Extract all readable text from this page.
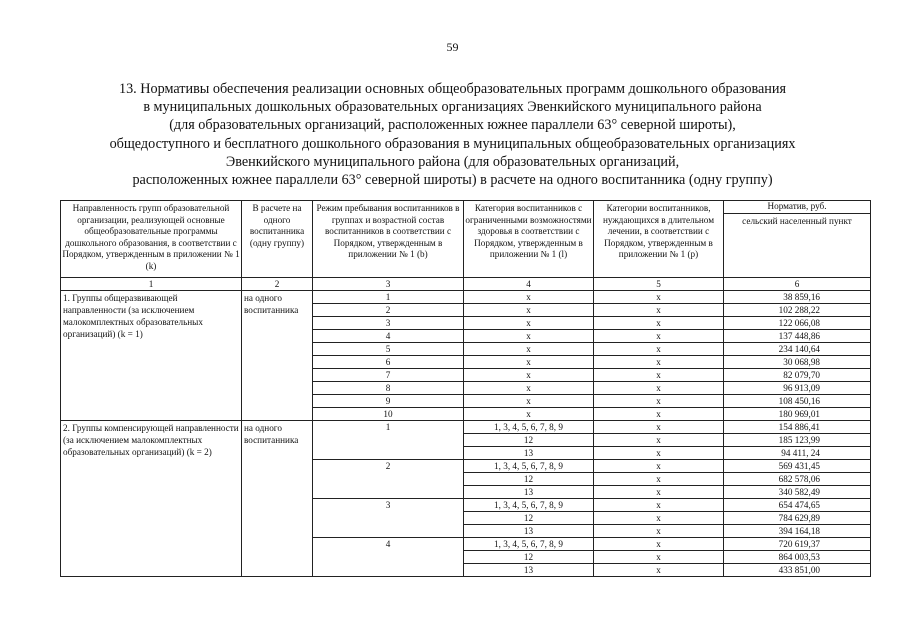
59
13. Нормативы обеспечения реализации основных общеобразовательных программ дошкольного образования
в муниципальных дошкольных образовательных организациях Эвенкийского муниципального района
(для образовательных организаций, расположенных южнее параллели 63° северной широты),
общедоступного и бесплатного дошкольного образования в муниципальных общеобразовательных организациях
Эвенкийского муниципального района (для образовательных организаций,
расположенных южнее параллели 63° северной широты) в расчете на одного воспитанника (одну группу)
Направленность групп образовательной организации, реализующей основные общеобразовательные программы дошкольного образования, в соответствии с Порядком, утвержденным в приложении № 1 (k)	В расчете на одного воспитанника (одну группу)	Режим пребывания воспитанников в группах и возрастной состав воспитанников в соответствии с Порядком, утвержденным в приложении № 1 (b)	Категория воспитанников с ограниченными возможностями здоровья в соответствии с Порядком, утвержденным в приложении № 1 (l)	Категории воспитанников, нуждающихся в длительном лечении, в соответствии с Порядком, утвержденным в приложении № 1 (p)	Норматив, руб.
					сельский населенный пункт
1	2	3	4	5	6
1. Группы общеразвивающей направленности (за исключением малокомплектных образовательных организаций) (k = 1)	на одного воспитанника	1	x	x	38 859,16
		2	x	x	102 288,22
		3	x	x	122 066,08
		4	x	x	137 448,86
		5	x	x	234 140,64
		6	x	x	30 068,98
		7	x	x	82 079,70
		8	x	x	96 913,09
		9	x	x	108 450,16
		10	x	x	180 969,01
2. Группы компенсирующей направленности (за исключением малокомплектных образовательных организаций) (k = 2)	на одного воспитанника	1	1, 3, 4, 5, 6, 7, 8, 9	x	154 886,41
			12	x	185 123,99
			13	x	94 411, 24
		2	1, 3, 4, 5, 6, 7, 8, 9	x	569 431,45
			12	x	682 578,06
			13	x	340 582,49
		3	1, 3, 4, 5, 6, 7, 8, 9	x	654 474,65
			12	x	784 629,89
			13	x	394 164,18
		4	1, 3, 4, 5, 6, 7, 8, 9	x	720 619,37
			12	x	864 003,53
			13	x	433 851,00
